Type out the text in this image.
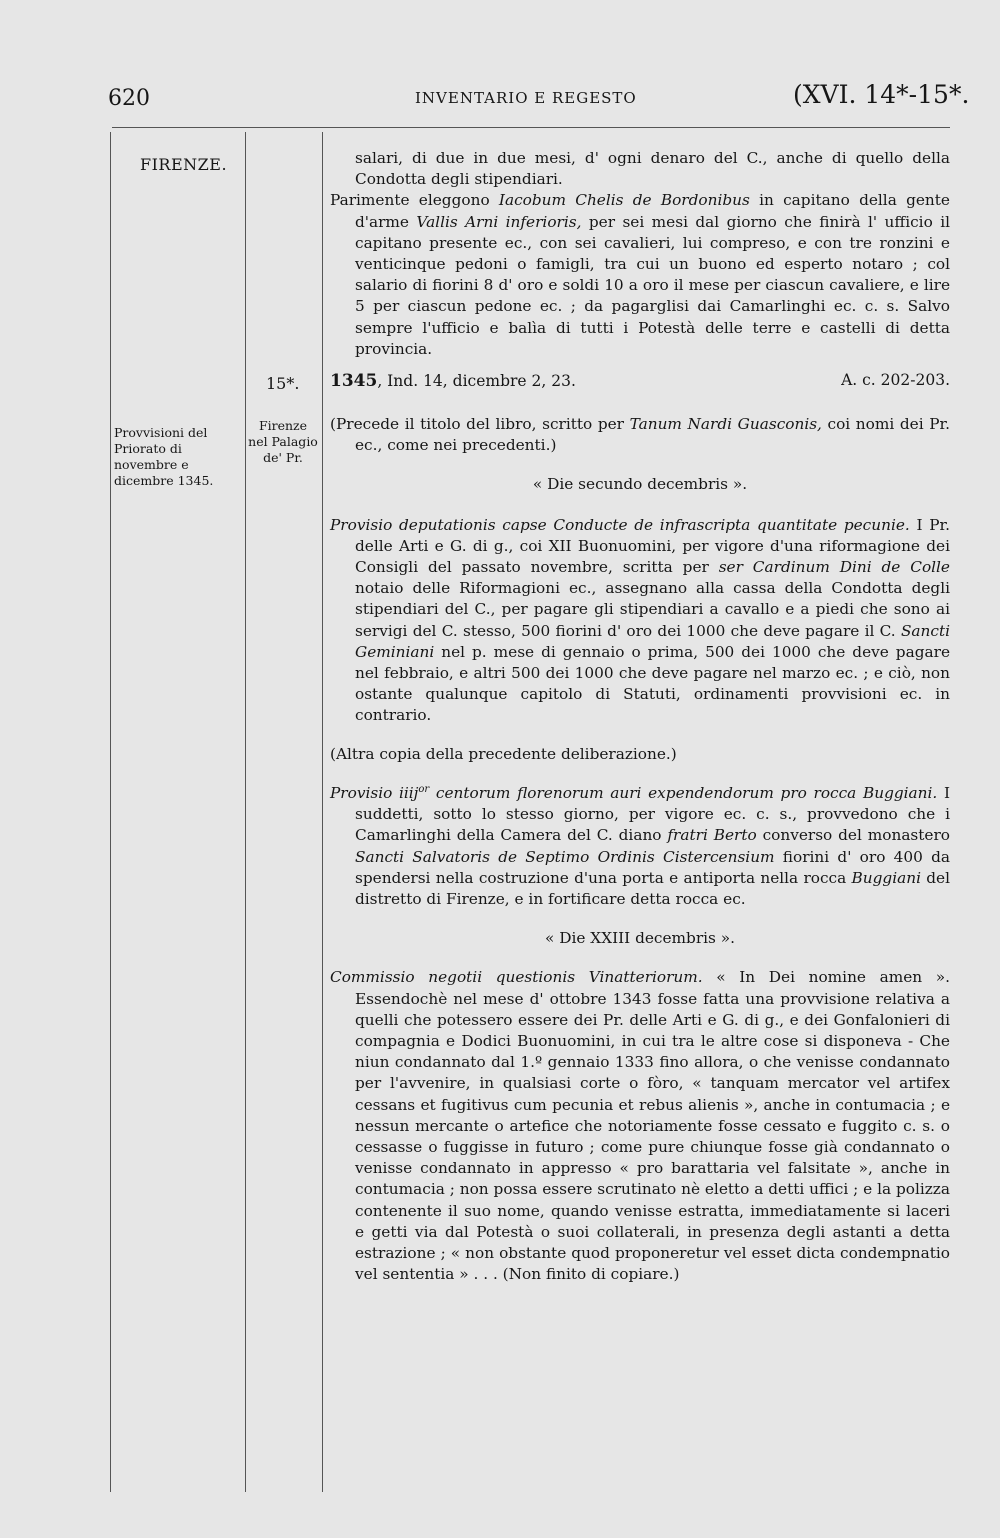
620	INVENTARIO E REGESTO	(XVI. 14*-15*.
FIRENZE.
15*.
Provvisioni del Priorato di novembre e dicembre 1345.
Firenze nel Palagio de' Pr.

salari, di due in due mesi, d' ogni denaro del C., anche di quello della Condotta degli stipendiari.

Parimente eleggono Iacobum Chelis de Bordonibus in capitano della gente d'arme Vallis Arni inferioris, per sei mesi dal giorno che finirà l' ufficio il capitano presente ec., con sei cavalieri, lui compreso, e con tre ronzini e venticinque pedoni o famigli, tra cui un buono ed esperto notaro ; col salario di fiorini 8 d' oro e soldi 10 a oro il mese per ciascun cavaliere, e lire 5 per ciascun pedone ec. ; da pagarglisi dai Camarlinghi ec. c. s. Salvo sempre l'ufficio e balìa di tutti i Potestà delle terre e castelli di detta provincia.

1345, Ind. 14, dicembre 2, 23.	A. c. 202-203.

(Precede il titolo del libro, scritto per Tanum Nardi Guasconis, coi nomi dei Pr. ec., come nei precedenti.)

« Die secundo decembris ».

Provisio deputationis capse Conducte de infrascripta quantitate pecunie. I Pr. delle Arti e G. di g., coi XII Buonuomini, per vigore d'una riformagione dei Consigli del passato novembre, scritta per ser Cardinum Dini de Colle notaio delle Riformagioni ec., assegnano alla cassa della Condotta degli stipendiari del C., per pagare gli stipendiari a cavallo e a piedi che sono ai servigi del C. stesso, 500 fiorini d' oro dei 1000 che deve pagare il C. Sancti Geminiani nel p. mese di gennaio o prima, 500 dei 1000 che deve pagare nel febbraio, e altri 500 dei 1000 che deve pagare nel marzo ec. ; e ciò, non ostante qualunque capitolo di Statuti, ordinamenti provvisioni ec. in contrario.

(Altra copia della precedente deliberazione.)

Provisio iiij$^{or}$ centorum florenorum auri expendendorum pro rocca Buggiani. I suddetti, sotto lo stesso giorno, per vigore ec. c. s., provvedono che i Camarlinghi della Camera del C. diano fratri Berto converso del monastero Sancti Salvatoris de Septimo Ordinis Cistercensium fiorini d' oro 400 da spendersi nella costruzione d'una porta e antiporta nella rocca Buggiani del distretto di Firenze, e in fortificare detta rocca ec.

« Die XXIII decembris ».

Commissio negotii questionis Vinatteriorum. « In Dei nomine amen ». Essendochè nel mese d' ottobre 1343 fosse fatta una provvisione relativa a quelli che potessero essere dei Pr. delle Arti e G. di g., e dei Gonfalonieri di compagnia e Dodici Buonuomini, in cui tra le altre cose si disponeva - Che niun condannato dal 1.º gennaio 1333 fino allora, o che venisse condannato per l'avvenire, in qualsiasi corte o fòro, « tanquam mercator vel artifex cessans et fugitivus cum pecunia et rebus alienis », anche in contumacia ; e nessun mercante o artefice che notoriamente fosse cessato e fuggito c. s. o cessasse o fuggisse in futuro ; come pure chiunque fosse già condannato o venisse condannato in appresso « pro barattaria vel falsitate », anche in contumacia ; non possa essere scrutinato nè eletto a detti uffici ; e la polizza contenente il suo nome, quando venisse estratta, immediatamente si laceri e getti via dal Potestà o suoi collaterali, in presenza degli astanti a detta estrazione ; « non obstante quod proponeretur vel esset dicta condempnatio vel sententia » . . . (Non finito di copiare.)
